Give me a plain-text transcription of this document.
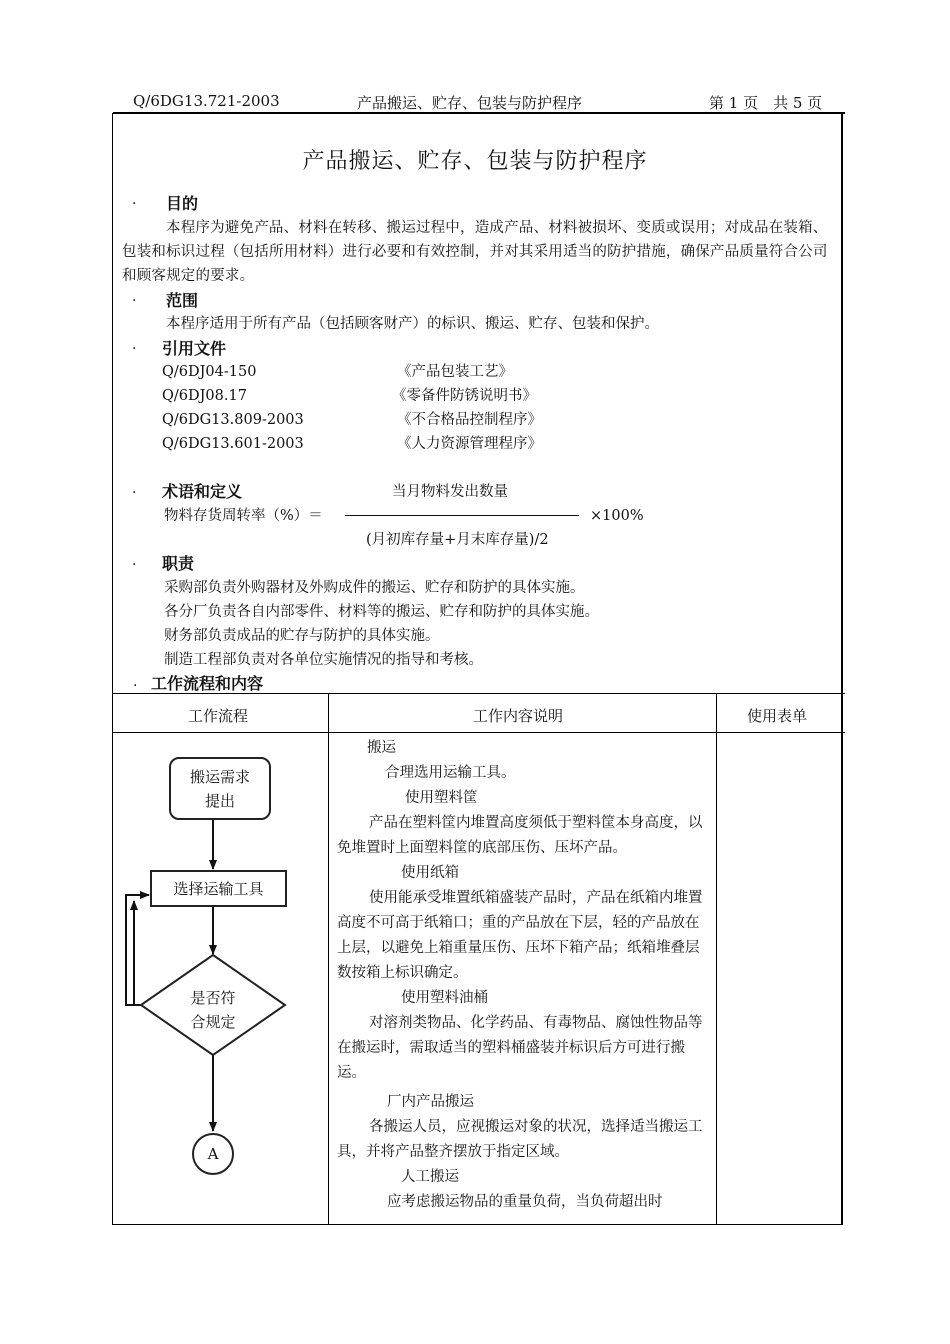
Q/6DG13.721-2003	产品搬运、贮存、包装与防护程序	第 1 页　共 5 页
产品搬运、贮存、包装与防护程序
. 目的
本程序为避免产品、材料在转移、搬运过程中，造成产品、材料被损坏、变质或误用；对成品在装箱、包装和标识过程（包括所用材料）进行必要和有效控制，并对其采用适当的防护措施，确保产品质量符合公司和顾客规定的要求。
. 范围
本程序适用于所有产品（包括顾客财产）的标识、搬运、贮存、包装和保护。
. 引用文件
Q/6DJ04-150	《产品包装工艺》
Q/6DJ08.17	《零备件防锈说明书》
Q/6DG13.809-2003	《不合格品控制程序》
Q/6DG13.601-2003	《人力资源管理程序》
. 术语和定义	当月物料发出数量
物料存货周转率（%）＝	×100%
(月初库存量+月末库存量)/2
. 职责
采购部负责外购器材及外购成件的搬运、贮存和防护的具体实施。
各分厂负责各自内部零件、材料等的搬运、贮存和防护的具体实施。
财务部负责成品的贮存与防护的具体实施。
制造工程部负责对各单位实施情况的指导和考核。
. 工作流程和内容
工作流程	工作内容说明	使用表单
搬运需求提出
选择运输工具
是否符合规定
A
搬运
合理选用运输工具。
使用塑料筐
产品在塑料筐内堆置高度须低于塑料筐本身高度，以免堆置时上面塑料筐的底部压伤、压坏产品。
使用纸箱
使用能承受堆置纸箱盛装产品时，产品在纸箱内堆置高度不可高于纸箱口；重的产品放在下层，轻的产品放在上层，以避免上箱重量压伤、压坏下箱产品；纸箱堆叠层数按箱上标识确定。
使用塑料油桶
对溶剂类物品、化学药品、有毒物品、腐蚀性物品等在搬运时，需取适当的塑料桶盛装并标识后方可进行搬运。
厂内产品搬运
各搬运人员，应视搬运对象的状况，选择适当搬运工具，并将产品整齐摆放于指定区域。
人工搬运
应考虑搬运物品的重量负荷，当负荷超出时
